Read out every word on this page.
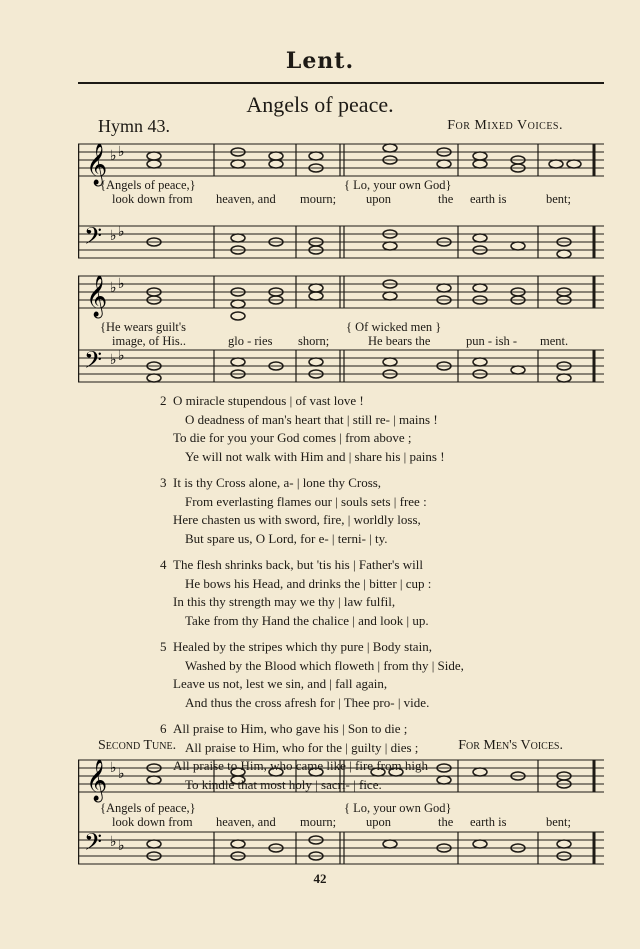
Lent.
Angels of peace.
Hymn 43.	For Mixed Voices.
𝄞
𝄢
♭ ♭
♭ ♭
{Angels of peace,}	{ Lo, your own God}
look down from heaven, and mourn; upon	the earth is	bent;
𝄞
𝄢
♭ ♭
♭ ♭
{He wears guilt's	{ Of wicked men }
image, of His..	glo - ries shorn;	He bears the	pun - ish - ment.
2 O miracle stupendous | of vast love !
O deadness of man's heart that | still re- | mains !
To die for you your God comes | from above ;
Ye will not walk with Him and | share his | pains !
3 It is thy Cross alone, a- | lone thy Cross,
From everlasting flames our | souls sets | free :
Here chasten us with sword, fire, | worldly loss,
But spare us, O Lord, for e- | terni- | ty.
4 The flesh shrinks back, but 'tis his | Father's will
He bows his Head, and drinks the | bitter | cup :
In this thy strength may we thy | law fulfil,
Take from thy Hand the chalice | and look | up.
5 Healed by the stripes which thy pure | Body stain,
Washed by the Blood which floweth | from thy | Side,
Leave us not, lest we sin, and | fall again,
And thus the cross afresh for | Thee pro- | vide.
6 All praise to Him, who gave his | Son to die ;
All praise to Him, who for the | guilty | dies ;
All praise to Him, who came like | fire from high
To kindle that most holy | sacri- | fice.
Second Tune.	For Men's Voices.
𝄞
𝄢
♭ ♭
♭ ♭
{Angels of peace,}	{ Lo, your own God}
look down from heaven, and mourn; upon	the earth is	bent;
42
